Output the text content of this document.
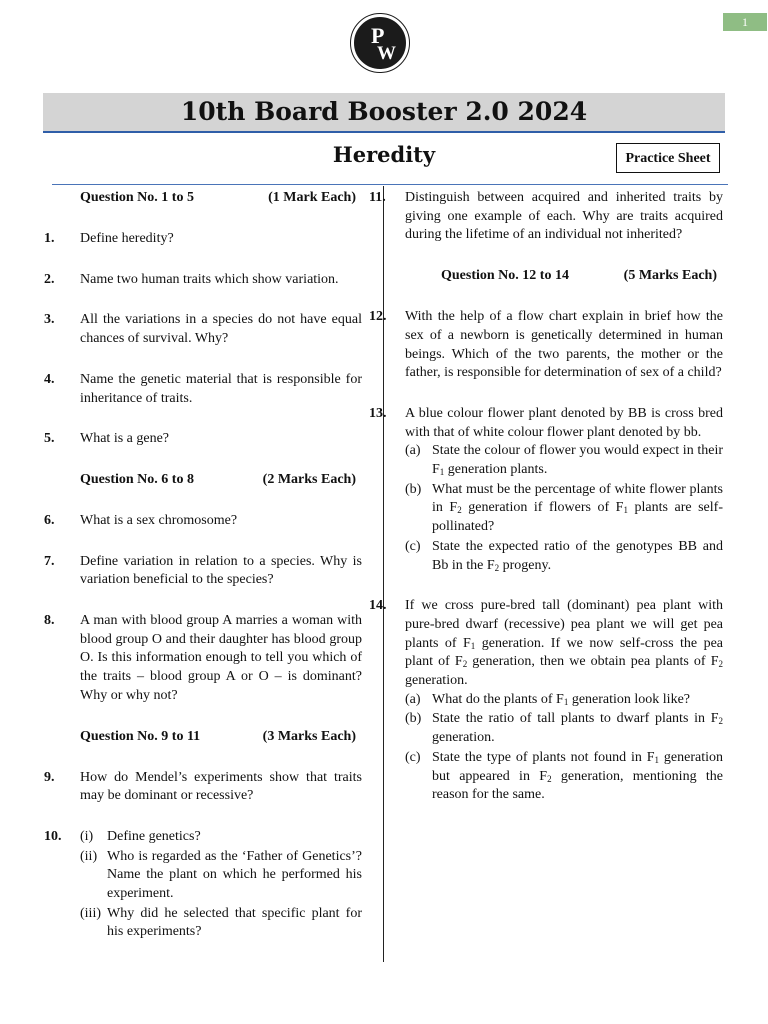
1
P
W
10th Board Booster 2.0 2024
Heredity	Practice Sheet
Question No. 1 to 5	(1 Mark Each)
1. Define heredity?
2. Name two human traits which show variation.
3. All the variations in a species do not have equal chances of survival. Why?
4. Name the genetic material that is responsible for inheritance of traits.
5. What is a gene?
Question No. 6 to 8	(2 Marks Each)
6. What is a sex chromosome?
7. Define variation in relation to a species. Why is variation beneficial to the species?
8. A man with blood group A marries a woman with blood group O and their daughter has blood group O. Is this information enough to tell you which of the traits – blood group A or O – is dominant? Why or why not?
Question No. 9 to 11	(3 Marks Each)
9. How do Mendel’s experiments show that traits may be dominant or recessive?
10. (i) Define genetics?
(ii) Who is regarded as the ‘Father of Genetics’? Name the plant on which he performed his experiment.
(iii) Why did he selected that specific plant for his experiments?
11. Distinguish between acquired and inherited traits by giving one example of each. Why are traits acquired during the lifetime of an individual not inherited?
Question No. 12 to 14	(5 Marks Each)
12. With the help of a flow chart explain in brief how the sex of a newborn is genetically determined in human beings. Which of the two parents, the mother or the father, is responsible for determination of sex of a child?
13. A blue colour flower plant denoted by BB is cross bred with that of white colour flower plant denoted by bb.
(a) State the colour of flower you would expect in their $F_1$ generation plants.
(b) What must be the percentage of white flower plants in $F_2$ generation if flowers of $F_1$ plants are self-pollinated?
(c) State the expected ratio of the genotypes BB and Bb in the $F_2$ progeny.
14. If we cross pure-bred tall (dominant) pea plant with pure-bred dwarf (recessive) pea plant we will get pea plants of $F_1$ generation. If we now self-cross the pea plant of $F_2$ generation, then we obtain pea plants of $F_2$ generation.
(a) What do the plants of $F_1$ generation look like?
(b) State the ratio of tall plants to dwarf plants in $F_2$ generation.
(c) State the type of plants not found in $F_1$ generation but appeared in $F_2$ generation, mentioning the reason for the same.
